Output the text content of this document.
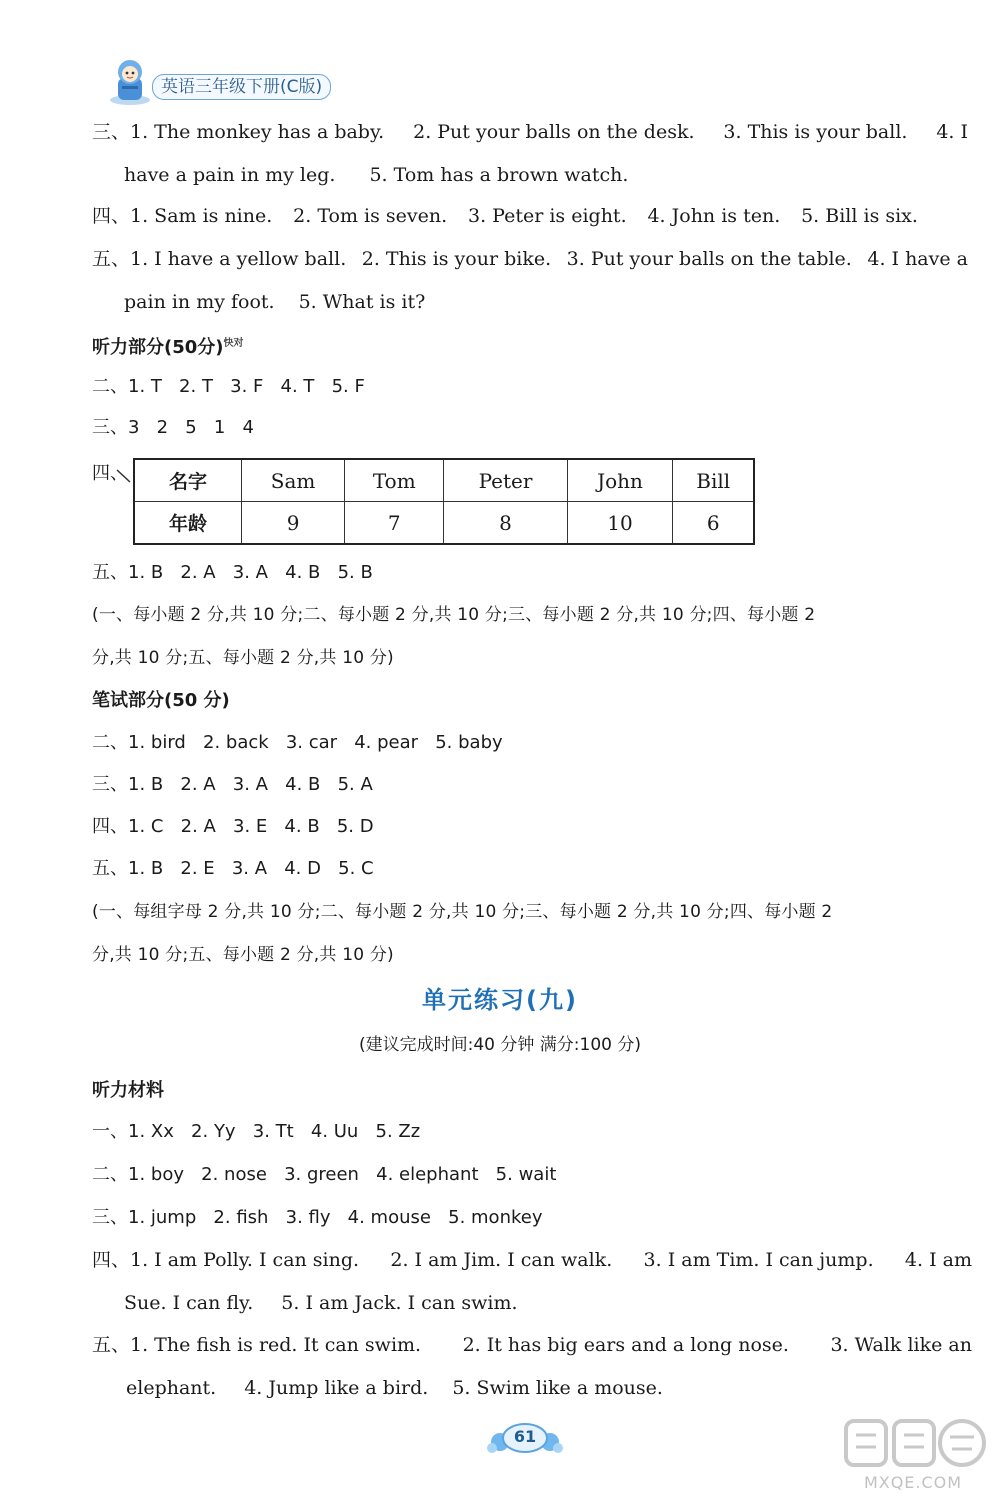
英语三年级下册(C版)
三、1. The monkey has a baby. 2. Put your balls on the desk. 3. This is your ball. 4. I
have a pain in my leg. 5. Tom has a brown watch.
四、1. Sam is nine. 2. Tom is seven. 3. Peter is eight. 4. John is ten. 5. Bill is six.
五、1. I have a yellow ball. 2. This is your bike. 3. Put your balls on the table. 4. I have a
pain in my foot. 5. What is it?
听力部分(50分)$^{快对}$
二、1. T   2. T   3. F   4. T   5. F
三、3   2   5   1   4
四、 名字	Sam	Tom	Peter	John	Bill
年龄	9	7	8	10	6
五、1. B   2. A   3. A   4. B   5. B
(一、每小题 2 分,共 10 分;二、每小题 2 分,共 10 分;三、每小题 2 分,共 10 分;四、每小题 2
分,共 10 分;五、每小题 2 分,共 10 分)
笔试部分(50 分)
二、1. bird   2. back   3. car   4. pear   5. baby
三、1. B   2. A   3. A   4. B   5. A
四、1. C   2. A   3. E   4. B   5. D
五、1. B   2. E   3. A   4. D   5. C
(一、每组字母 2 分,共 10 分;二、每小题 2 分,共 10 分;三、每小题 2 分,共 10 分;四、每小题 2
分,共 10 分;五、每小题 2 分,共 10 分)
单元练习(九)
(建议完成时间:40 分钟 满分:100 分)
听力材料
一、1. Xx   2. Yy   3. Tt   4. Uu   5. Zz
二、1. boy   2. nose   3. green   4. elephant   5. wait
三、1. jump   2. fish   3. fly   4. mouse   5. monkey
四、1. I am Polly. I can sing. 2. I am Jim. I can walk. 3. I am Tim. I can jump. 4. I am
Sue. I can fly. 5. I am Jack. I can swim.
五、1. The fish is red. It can swim. 2. It has big ears and a long nose. 3. Walk like an
elephant. 4. Jump like a bird. 5. Swim like a mouse.
61
MXQE.COM
